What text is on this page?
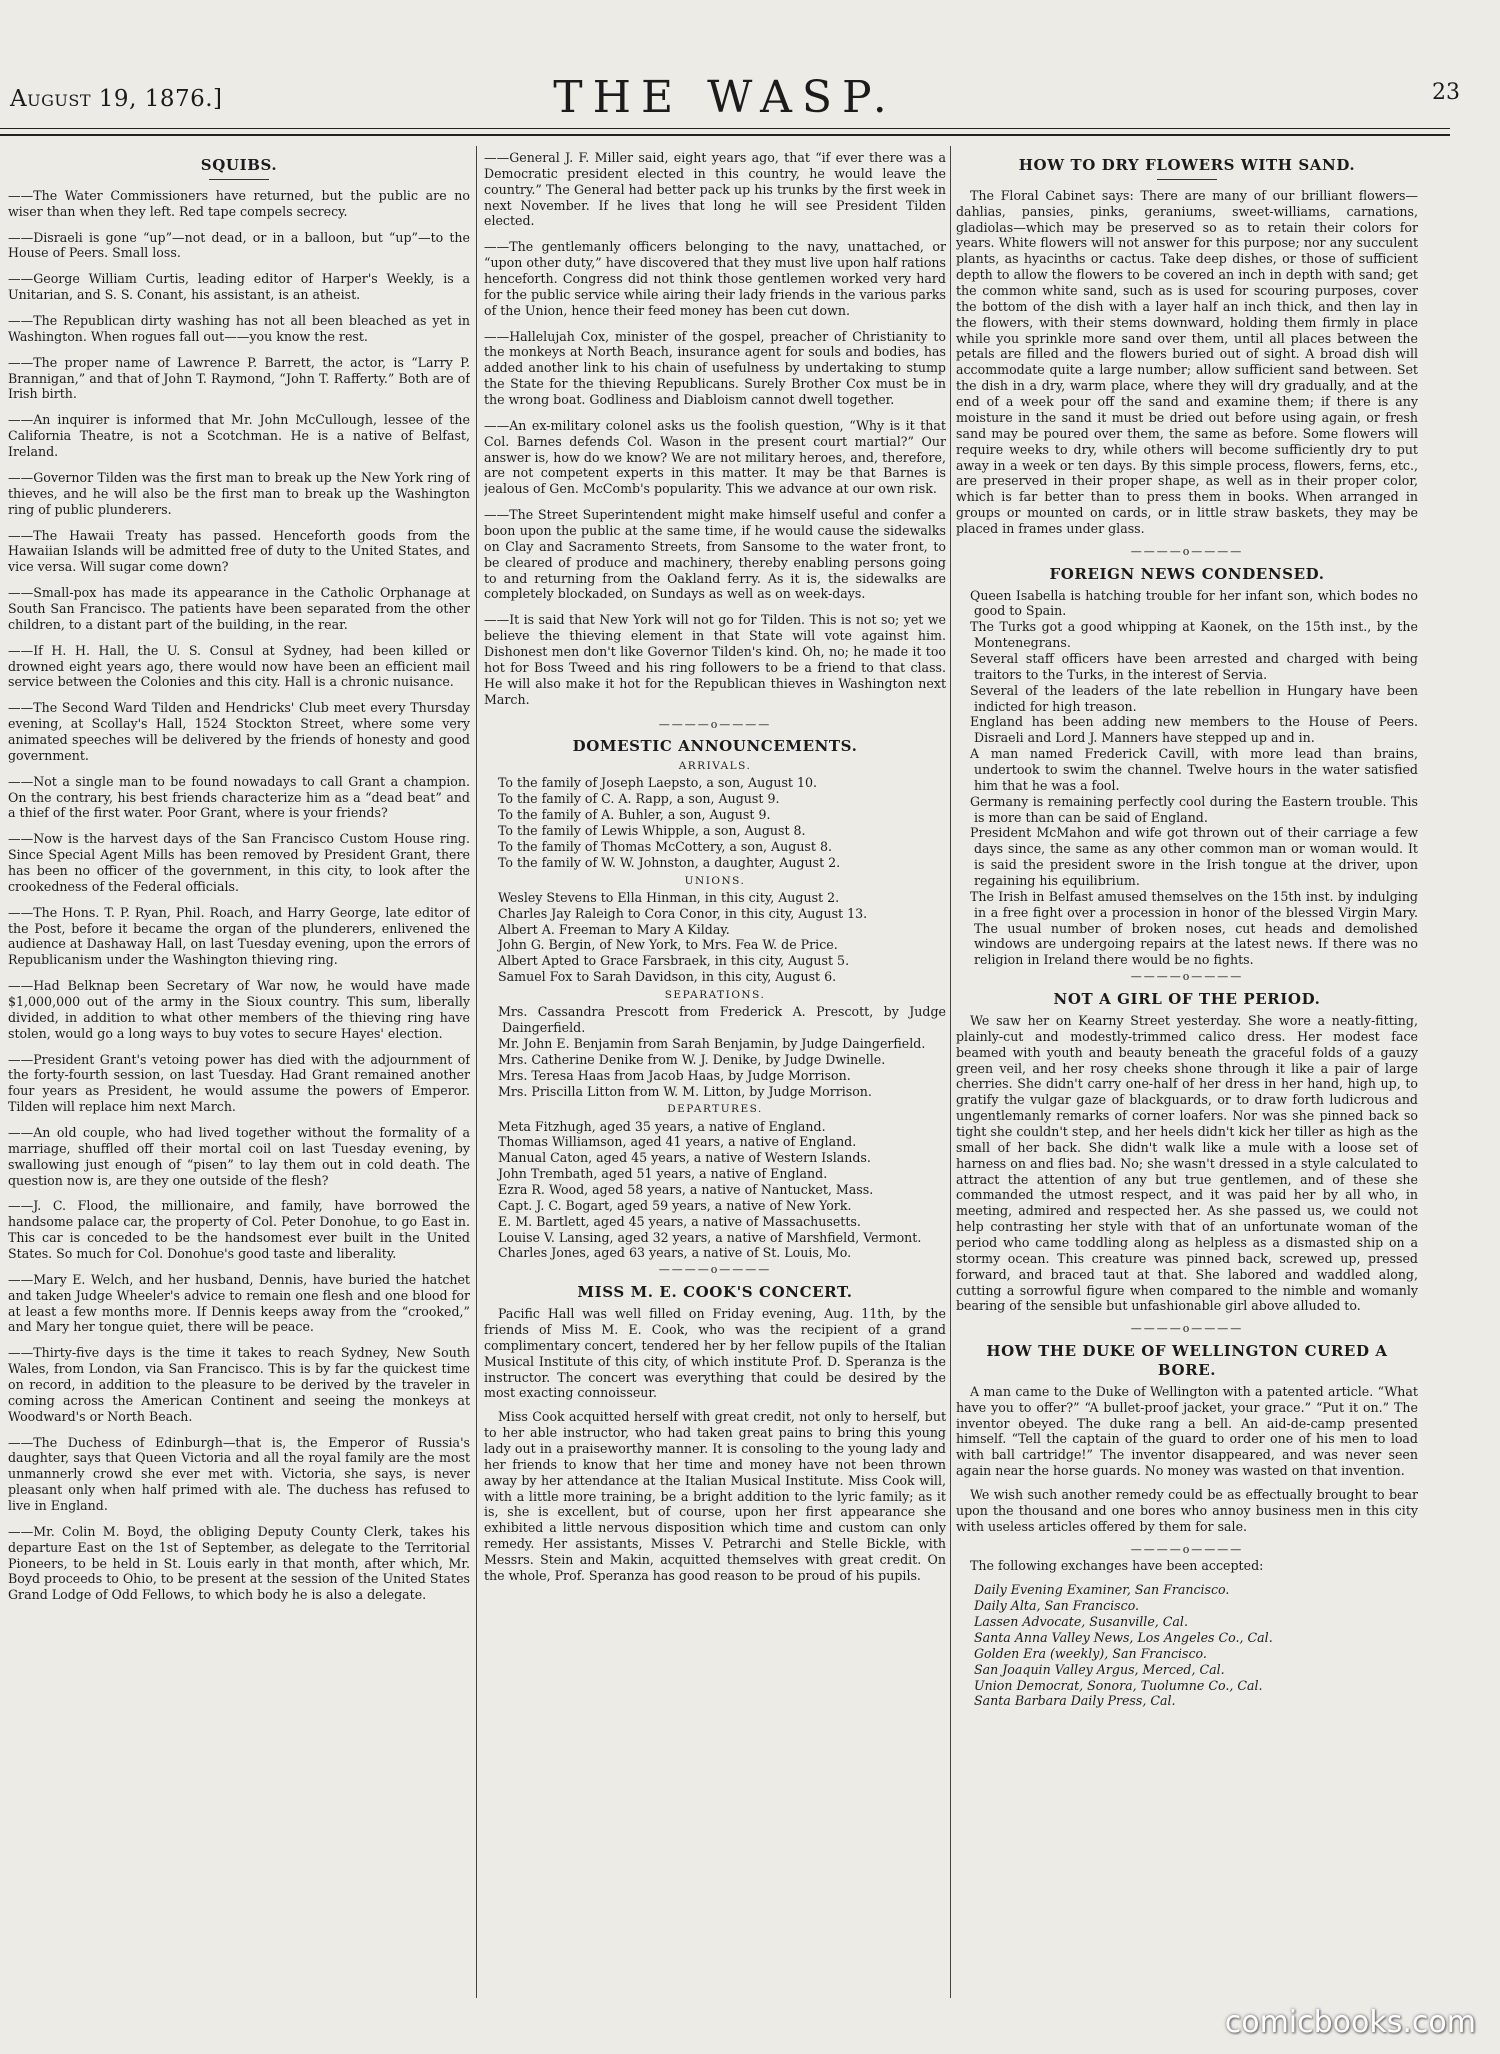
August 19, 1876.]	THE WASP.	23
SQUIBS.

——The Water Commissioners have returned, but the public are no wiser than when they left. Red tape compels secrecy.

——Disraeli is gone “up”—not dead, or in a balloon, but “up”—to the House of Peers. Small loss.

——George William Curtis, leading editor of Harper's Weekly, is a Unitarian, and S. S. Conant, his assistant, is an atheist.

——The Republican dirty washing has not all been bleached as yet in Washington. When rogues fall out——you know the rest.

——The proper name of Lawrence P. Barrett, the actor, is “Larry P. Brannigan,” and that of John T. Raymond, “John T. Rafferty.” Both are of Irish birth.

——An inquirer is informed that Mr. John McCullough, lessee of the California Theatre, is not a Scotchman. He is a native of Belfast, Ireland.

——Governor Tilden was the first man to break up the New York ring of thieves, and he will also be the first man to break up the Washington ring of public plunderers.

——The Hawaii Treaty has passed. Henceforth goods from the Hawaiian Islands will be admitted free of duty to the United States, and vice versa. Will sugar come down?

——Small-pox has made its appearance in the Catholic Orphanage at South San Francisco. The patients have been separated from the other children, to a distant part of the building, in the rear.

——If H. H. Hall, the U. S. Consul at Sydney, had been killed or drowned eight years ago, there would now have been an efficient mail service between the Colonies and this city. Hall is a chronic nuisance.

——The Second Ward Tilden and Hendricks' Club meet every Thursday evening, at Scollay's Hall, 1524 Stockton Street, where some very animated speeches will be delivered by the friends of honesty and good government.

——Not a single man to be found nowadays to call Grant a champion. On the contrary, his best friends characterize him as a “dead beat” and a thief of the first water. Poor Grant, where is your friends?

——Now is the harvest days of the San Francisco Custom House ring. Since Special Agent Mills has been removed by President Grant, there has been no officer of the government, in this city, to look after the crookedness of the Federal officials.

——The Hons. T. P. Ryan, Phil. Roach, and Harry George, late editor of the Post, before it became the organ of the plunderers, enlivened the audience at Dashaway Hall, on last Tuesday evening, upon the errors of Republicanism under the Washington thieving ring.

——Had Belknap been Secretary of War now, he would have made $1,000,000 out of the army in the Sioux country. This sum, liberally divided, in addition to what other members of the thieving ring have stolen, would go a long ways to buy votes to secure Hayes' election.

——President Grant's vetoing power has died with the adjournment of the forty-fourth session, on last Tuesday. Had Grant remained another four years as President, he would assume the powers of Emperor. Tilden will replace him next March.

——An old couple, who had lived together without the formality of a marriage, shuffled off their mortal coil on last Tuesday evening, by swallowing just enough of “pisen” to lay them out in cold death. The question now is, are they one outside of the flesh?

——J. C. Flood, the millionaire, and family, have borrowed the handsome palace car, the property of Col. Peter Donohue, to go East in. This car is conceded to be the handsomest ever built in the United States. So much for Col. Donohue's good taste and liberality.

——Mary E. Welch, and her husband, Dennis, have buried the hatchet and taken Judge Wheeler's advice to remain one flesh and one blood for at least a few months more. If Dennis keeps away from the “crooked,” and Mary her tongue quiet, there will be peace.

——Thirty-five days is the time it takes to reach Sydney, New South Wales, from London, via San Francisco. This is by far the quickest time on record, in addition to the pleasure to be derived by the traveler in coming across the American Continent and seeing the monkeys at Woodward's or North Beach.

——The Duchess of Edinburgh—that is, the Emperor of Russia's daughter, says that Queen Victoria and all the royal family are the most unmannerly crowd she ever met with. Victoria, she says, is never pleasant only when half primed with ale. The duchess has refused to live in England.

——Mr. Colin M. Boyd, the obliging Deputy County Clerk, takes his departure East on the 1st of September, as delegate to the Territorial Pioneers, to be held in St. Louis early in that month, after which, Mr. Boyd proceeds to Ohio, to be present at the session of the United States Grand Lodge of Odd Fellows, to which body he is also a delegate.

——General J. F. Miller said, eight years ago, that “if ever there was a Democratic president elected in this country, he would leave the country.” The General had better pack up his trunks by the first week in next November. If he lives that long he will see President Tilden elected.

——The gentlemanly officers belonging to the navy, unattached, or “upon other duty,” have discovered that they must live upon half rations henceforth. Congress did not think those gentlemen worked very hard for the public service while airing their lady friends in the various parks of the Union, hence their feed money has been cut down.

——Hallelujah Cox, minister of the gospel, preacher of Christianity to the monkeys at North Beach, insurance agent for souls and bodies, has added another link to his chain of usefulness by undertaking to stump the State for the thieving Republicans. Surely Brother Cox must be in the wrong boat. Godliness and Diabloism cannot dwell together.

——An ex-military colonel asks us the foolish question, “Why is it that Col. Barnes defends Col. Wason in the present court martial?” Our answer is, how do we know? We are not military heroes, and, therefore, are not competent experts in this matter. It may be that Barnes is jealous of Gen. McComb's popularity. This we advance at our own risk.

——The Street Superintendent might make himself useful and confer a boon upon the public at the same time, if he would cause the sidewalks on Clay and Sacramento Streets, from Sansome to the water front, to be cleared of produce and machinery, thereby enabling persons going to and returning from the Oakland ferry. As it is, the sidewalks are completely blockaded, on Sundays as well as on week-days.

——It is said that New York will not go for Tilden. This is not so; yet we believe the thieving element in that State will vote against him. Dishonest men don't like Governor Tilden's kind. Oh, no; he made it too hot for Boss Tweed and his ring followers to be a friend to that class. He will also make it hot for the Republican thieves in Washington next March.

————o————
DOMESTIC ANNOUNCEMENTS.
ARRIVALS.

To the family of Joseph Laepsto, a son, August 10.

To the family of C. A. Rapp, a son, August 9.

To the family of A. Buhler, a son, August 9.

To the family of Lewis Whipple, a son, August 8.

To the family of Thomas McCottery, a son, August 8.

To the family of W. W. Johnston, a daughter, August 2.

UNIONS.

Wesley Stevens to Ella Hinman, in this city, August 2.

Charles Jay Raleigh to Cora Conor, in this city, August 13.

Albert A. Freeman to Mary A Kilday.

John G. Bergin, of New York, to Mrs. Fea W. de Price.

Albert Apted to Grace Farsbraek, in this city, August 5.

Samuel Fox to Sarah Davidson, in this city, August 6.

SEPARATIONS.

Mrs. Cassandra Prescott from Frederick A. Prescott, by Judge Daingerfield.

Mr. John E. Benjamin from Sarah Benjamin, by Judge Daingerfield.

Mrs. Catherine Denike from W. J. Denike, by Judge Dwinelle.

Mrs. Teresa Haas from Jacob Haas, by Judge Morrison.

Mrs. Priscilla Litton from W. M. Litton, by Judge Morrison.

DEPARTURES.

Meta Fitzhugh, aged 35 years, a native of England.

Thomas Williamson, aged 41 years, a native of England.

Manual Caton, aged 45 years, a native of Western Islands.

John Trembath, aged 51 years, a native of England.

Ezra R. Wood, aged 58 years, a native of Nantucket, Mass.

Capt. J. C. Bogart, aged 59 years, a native of New York.

E. M. Bartlett, aged 45 years, a native of Massachusetts.

Louise V. Lansing, aged 32 years, a native of Marshfield, Vermont.

Charles Jones, aged 63 years, a native of St. Louis, Mo.

————o————
MISS M. E. COOK'S CONCERT.

Pacific Hall was well filled on Friday evening, Aug. 11th, by the friends of Miss M. E. Cook, who was the recipient of a grand complimentary concert, tendered her by her fellow pupils of the Italian Musical Institute of this city, of which institute Prof. D. Speranza is the instructor. The concert was everything that could be desired by the most exacting connoisseur.

Miss Cook acquitted herself with great credit, not only to herself, but to her able instructor, who had taken great pains to bring this young lady out in a praiseworthy manner. It is consoling to the young lady and her friends to know that her time and money have not been thrown away by her attendance at the Italian Musical Institute. Miss Cook will, with a little more training, be a bright addition to the lyric family; as it is, she is excellent, but of course, upon her first appearance she exhibited a little nervous disposition which time and custom can only remedy. Her assistants, Misses V. Petrarchi and Stelle Bickle, with Messrs. Stein and Makin, acquitted themselves with great credit. On the whole, Prof. Speranza has good reason to be proud of his pupils.

HOW TO DRY FLOWERS WITH SAND.

The Floral Cabinet says: There are many of our brilliant flowers—dahlias, pansies, pinks, geraniums, sweet-williams, carnations, gladiolas—which may be preserved so as to retain their colors for years. White flowers will not answer for this purpose; nor any succulent plants, as hyacinths or cactus. Take deep dishes, or those of sufficient depth to allow the flowers to be covered an inch in depth with sand; get the common white sand, such as is used for scouring purposes, cover the bottom of the dish with a layer half an inch thick, and then lay in the flowers, with their stems downward, holding them firmly in place while you sprinkle more sand over them, until all places between the petals are filled and the flowers buried out of sight. A broad dish will accommodate quite a large number; allow sufficient sand between. Set the dish in a dry, warm place, where they will dry gradually, and at the end of a week pour off the sand and examine them; if there is any moisture in the sand it must be dried out before using again, or fresh sand may be poured over them, the same as before. Some flowers will require weeks to dry, while others will become sufficiently dry to put away in a week or ten days. By this simple process, flowers, ferns, etc., are preserved in their proper shape, as well as in their proper color, which is far better than to press them in books. When arranged in groups or mounted on cards, or in little straw baskets, they may be placed in frames under glass.

————o————
FOREIGN NEWS CONDENSED.

Queen Isabella is hatching trouble for her infant son, which bodes no good to Spain.

The Turks got a good whipping at Kaonek, on the 15th inst., by the Montenegrans.

Several staff officers have been arrested and charged with being traitors to the Turks, in the interest of Servia.

Several of the leaders of the late rebellion in Hungary have been indicted for high treason.

England has been adding new members to the House of Peers. Disraeli and Lord J. Manners have stepped up and in.

A man named Frederick Cavill, with more lead than brains, undertook to swim the channel. Twelve hours in the water satisfied him that he was a fool.

Germany is remaining perfectly cool during the Eastern trouble. This is more than can be said of England.

President McMahon and wife got thrown out of their carriage a few days since, the same as any other common man or woman would. It is said the president swore in the Irish tongue at the driver, upon regaining his equilibrium.

The Irish in Belfast amused themselves on the 15th inst. by indulging in a free fight over a procession in honor of the blessed Virgin Mary. The usual number of broken noses, cut heads and demolished windows are undergoing repairs at the latest news. If there was no religion in Ireland there would be no fights.

————o————
NOT A GIRL OF THE PERIOD.

We saw her on Kearny Street yesterday. She wore a neatly-fitting, plainly-cut and modestly-trimmed calico dress. Her modest face beamed with youth and beauty beneath the graceful folds of a gauzy green veil, and her rosy cheeks shone through it like a pair of large cherries. She didn't carry one-half of her dress in her hand, high up, to gratify the vulgar gaze of blackguards, or to draw forth ludicrous and ungentlemanly remarks of corner loafers. Nor was she pinned back so tight she couldn't step, and her heels didn't kick her tiller as high as the small of her back. She didn't walk like a mule with a loose set of harness on and flies bad. No; she wasn't dressed in a style calculated to attract the attention of any but true gentlemen, and of these she commanded the utmost respect, and it was paid her by all who, in meeting, admired and respected her. As she passed us, we could not help contrasting her style with that of an unfortunate woman of the period who came toddling along as helpless as a dismasted ship on a stormy ocean. This creature was pinned back, screwed up, pressed forward, and braced taut at that. She labored and waddled along, cutting a sorrowful figure when compared to the nimble and womanly bearing of the sensible but unfashionable girl above alluded to.

————o————
HOW THE DUKE OF WELLINGTON CURED A BORE.

A man came to the Duke of Wellington with a patented article. “What have you to offer?” “A bullet-proof jacket, your grace.” “Put it on.” The inventor obeyed. The duke rang a bell. An aid-de-camp presented himself. “Tell the captain of the guard to order one of his men to load with ball cartridge!” The inventor disappeared, and was never seen again near the horse guards. No money was wasted on that invention.

We wish such another remedy could be as effectually brought to bear upon the thousand and one bores who annoy business men in this city with useless articles offered by them for sale.

————o————

The following exchanges have been accepted:

Daily Evening Examiner, San Francisco.

Daily Alta, San Francisco.

Lassen Advocate, Susanville, Cal.

Santa Anna Valley News, Los Angeles Co., Cal.

Golden Era (weekly), San Francisco.

San Joaquin Valley Argus, Merced, Cal.

Union Democrat, Sonora, Tuolumne Co., Cal.

Santa Barbara Daily Press, Cal.

comicbooks.com
